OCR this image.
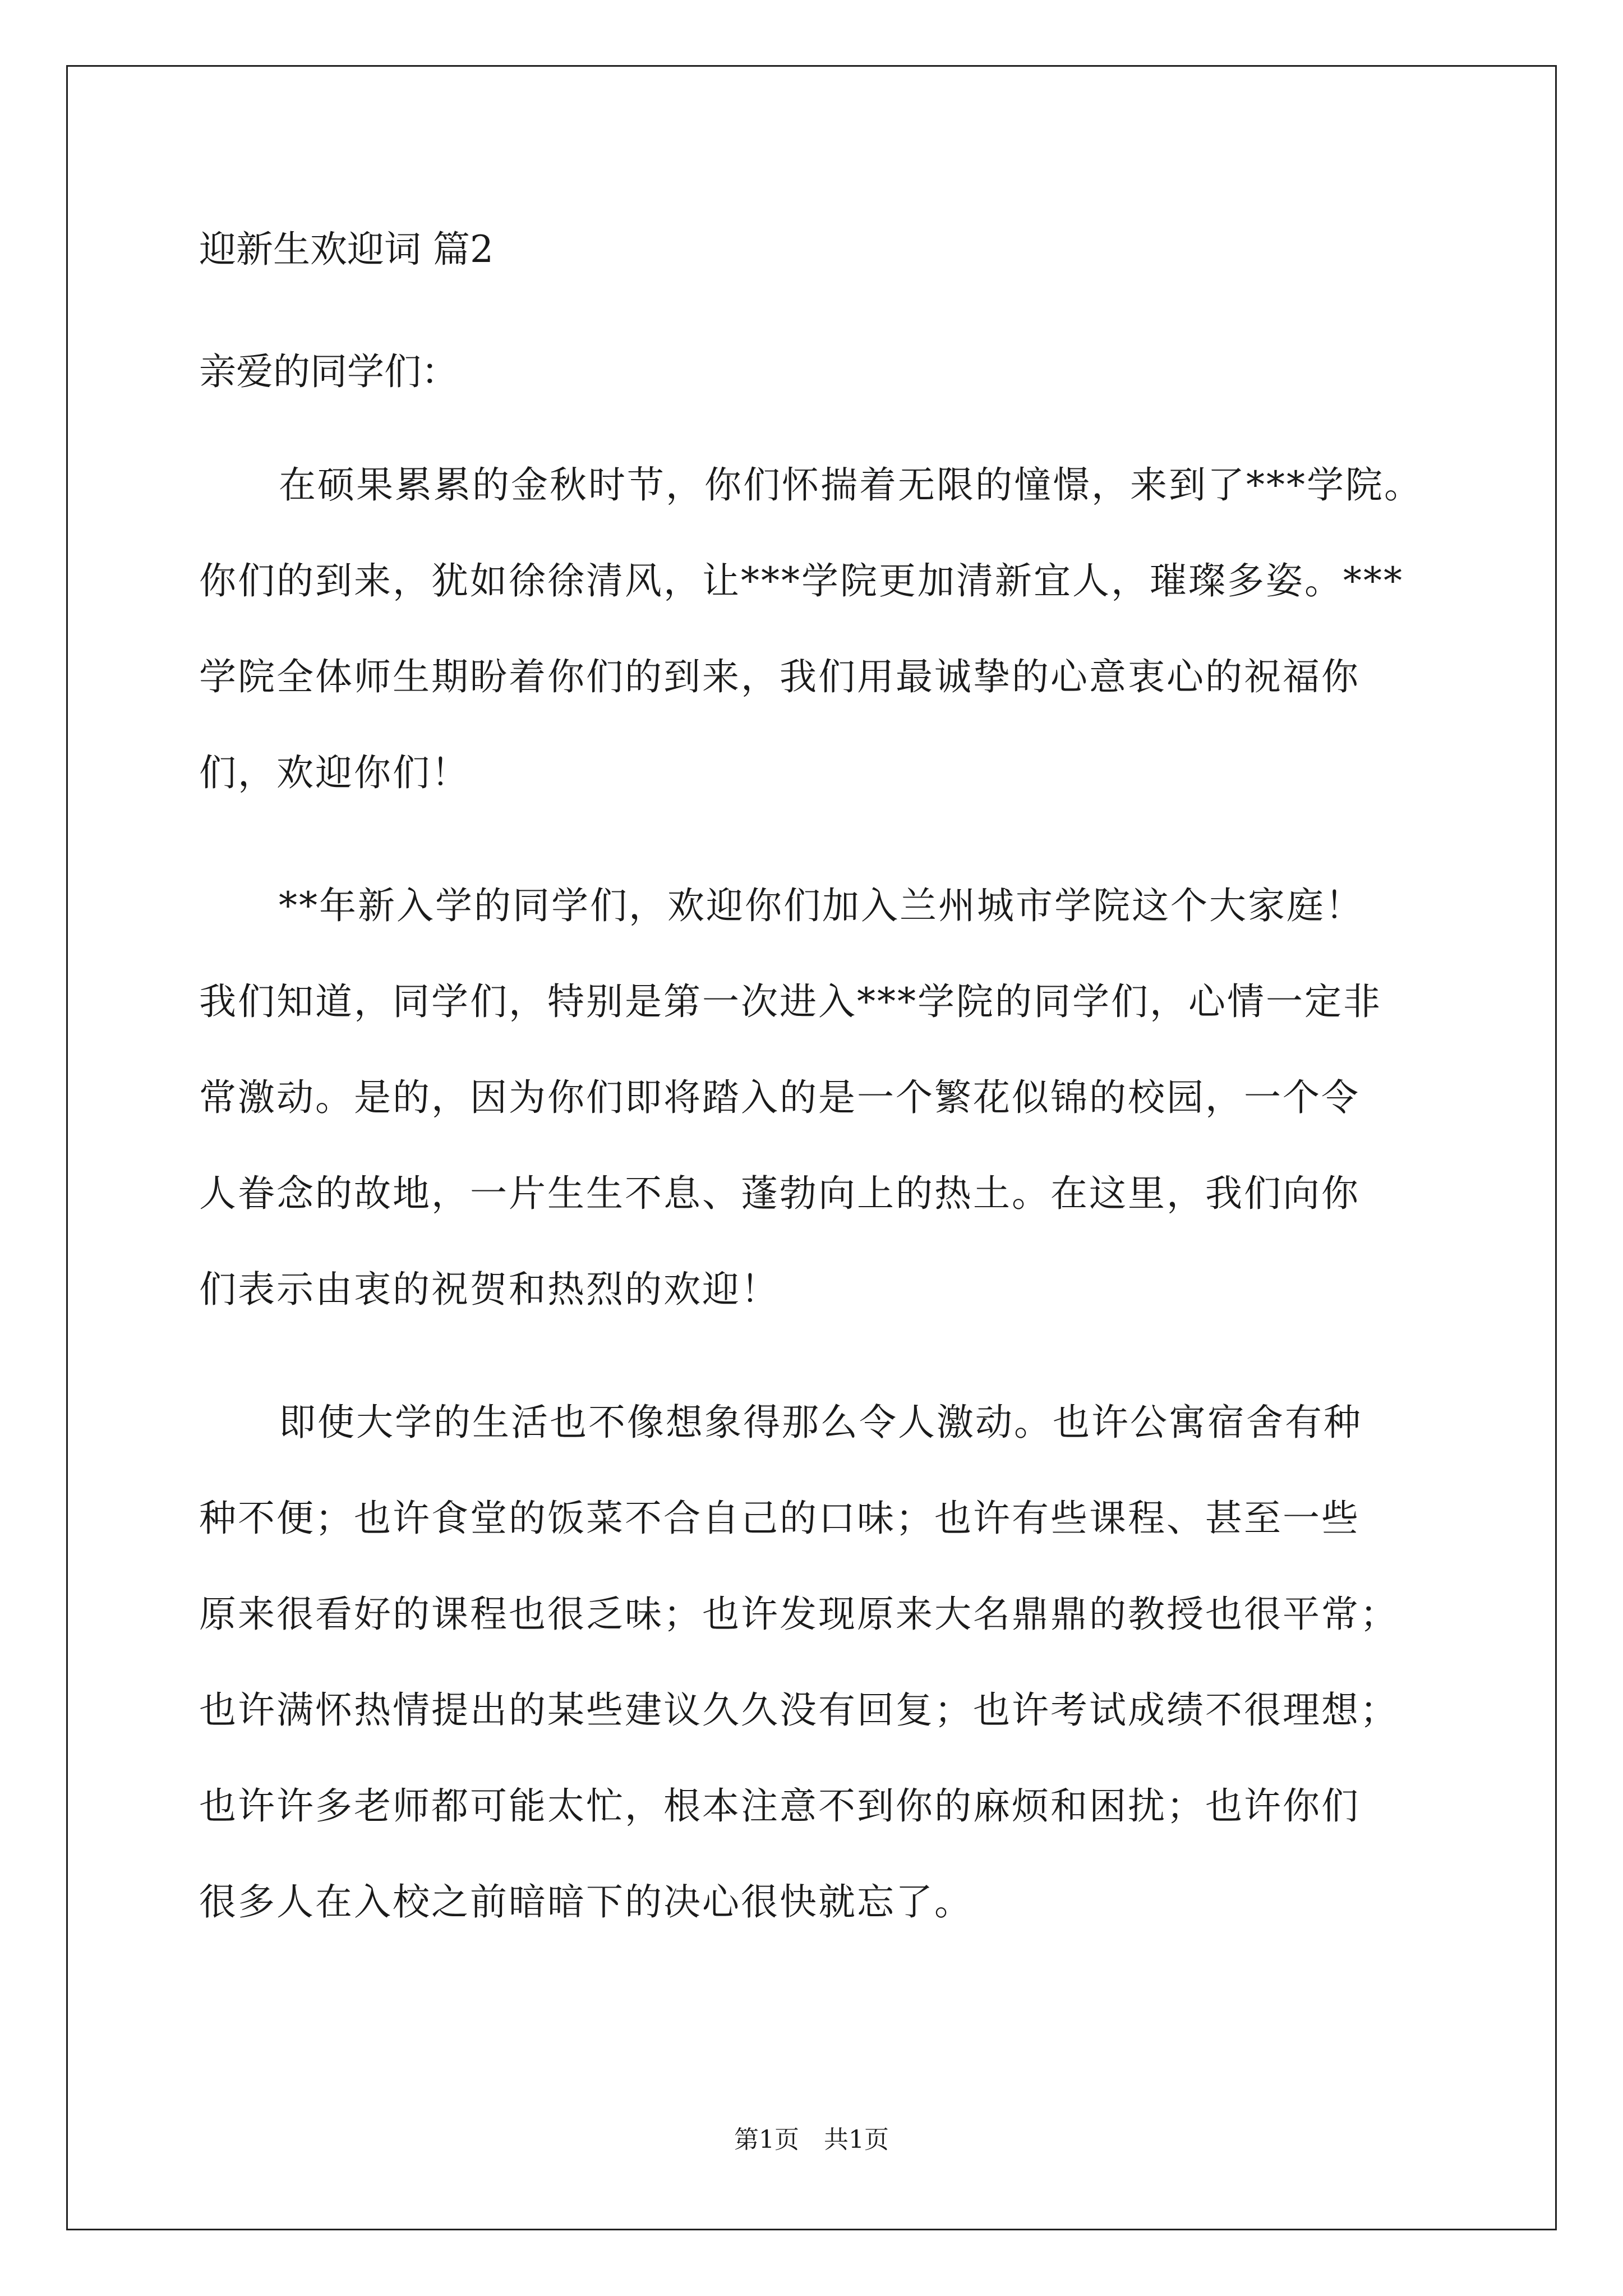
迎新生欢迎词 篇2
亲爱的同学们：
在硕果累累的金秋时节，你们怀揣着无限的憧憬，来到了***学院。
你们的到来，犹如徐徐清风，让***学院更加清新宜人，璀璨多姿。***
学院全体师生期盼着你们的到来，我们用最诚挚的心意衷心的祝福你
们，欢迎你们！
**年新入学的同学们，欢迎你们加入兰州城市学院这个大家庭！
我们知道，同学们，特别是第一次进入***学院的同学们，心情一定非
常激动。是的，因为你们即将踏入的是一个繁花似锦的校园，一个令
人眷念的故地，一片生生不息、蓬勃向上的热土。在这里，我们向你
们表示由衷的祝贺和热烈的欢迎！
即使大学的生活也不像想象得那么令人激动。也许公寓宿舍有种
种不便；也许食堂的饭菜不合自己的口味；也许有些课程、甚至一些
原来很看好的课程也很乏味；也许发现原来大名鼎鼎的教授也很平常；
也许满怀热情提出的某些建议久久没有回复；也许考试成绩不很理想；
也许许多老师都可能太忙，根本注意不到你的麻烦和困扰；也许你们
很多人在入校之前暗暗下的决心很快就忘了。
第1页　共1页
